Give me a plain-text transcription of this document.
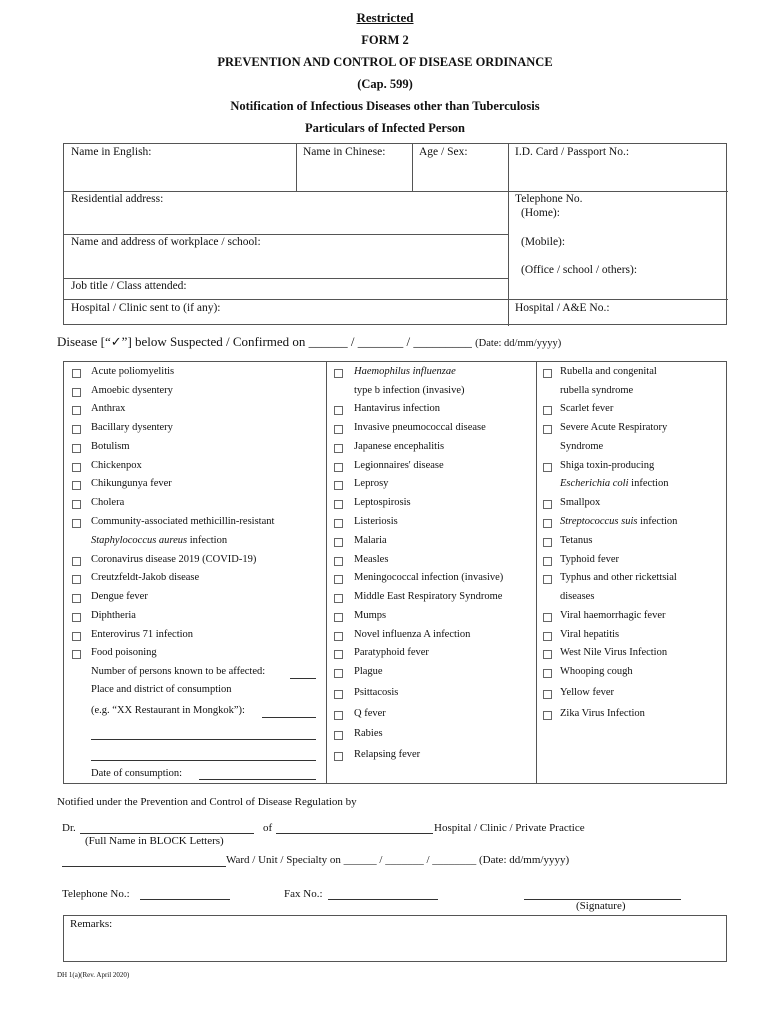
Restricted
FORM 2
PREVENTION AND CONTROL OF DISEASE ORDINANCE
(Cap. 599)
Notification of Infectious Diseases other than Tuberculosis
Particulars of Infected Person
Name in English:	Name in Chinese:	Age / Sex:	I.D. Card / Passport No.:
Residential address:	Telephone No.
(Home):
Name and address of workplace / school:	(Mobile):
(Office / school / others):
Job title / Class attended:
Hospital / Clinic sent to (if any):	Hospital / A&E No.:
Disease [“✓”] below Suspected / Confirmed on ______ / _______ / _________ (Date: dd/mm/yyyy)
Acute poliomyelitis
Amoebic dysentery
Anthrax
Bacillary dysentery
Botulism
Chickenpox
Chikungunya fever
Cholera
Community-associated methicillin-resistant
Staphylococcus aureus infection
Coronavirus disease 2019 (COVID-19)
Creutzfeldt-Jakob disease
Dengue fever
Diphtheria
Enterovirus 71 infection
Food poisoning
Number of persons known to be affected:
Place and district of consumption
(e.g. “XX Restaurant in Mongkok”):
Date of consumption:
Haemophilus influenzae
type b infection (invasive)
Hantavirus infection
Invasive pneumococcal disease
Japanese encephalitis
Legionnaires' disease
Leprosy
Leptospirosis
Listeriosis
Malaria
Measles
Meningococcal infection (invasive)
Middle East Respiratory Syndrome
Mumps
Novel influenza A infection
Paratyphoid fever
Plague
Psittacosis
Q fever
Rabies
Relapsing fever
Rubella and congenital
rubella syndrome
Scarlet fever
Severe Acute Respiratory
Syndrome
Shiga toxin-producing
Escherichia coli infection
Smallpox
Streptococcus suis infection
Tetanus
Typhoid fever
Typhus and other rickettsial
diseases
Viral haemorrhagic fever
Viral hepatitis
West Nile Virus Infection
Whooping cough
Yellow fever
Zika Virus Infection
Notified under the Prevention and Control of Disease Regulation by
Dr.	of	Hospital / Clinic / Private Practice
(Full Name in BLOCK Letters)
Ward / Unit / Specialty on ______ / _______ / ________ (Date: dd/mm/yyyy)
Telephone No.:	Fax No.:
(Signature)
Remarks:
DH 1(a)(Rev. April 2020)
